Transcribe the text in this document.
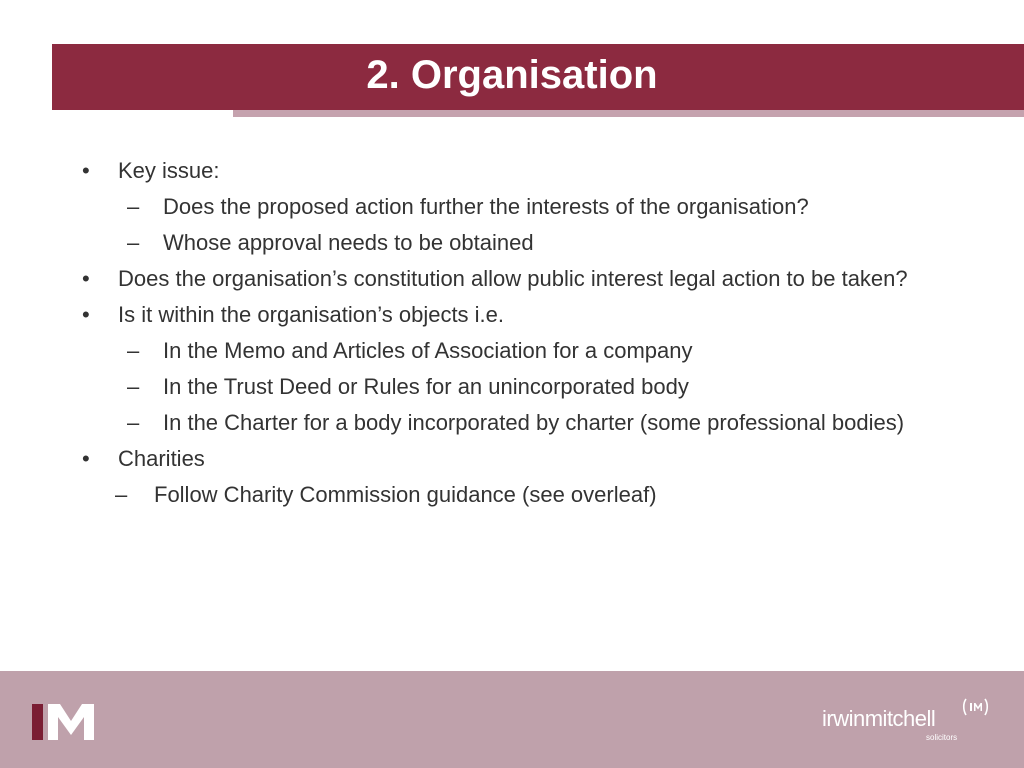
2. Organisation
• Key issue:
– Does the proposed action further the interests of the organisation?
– Whose approval needs to be obtained
• Does the organisation’s constitution allow public interest legal action to be taken?
• Is it within the organisation’s objects i.e.
– In the Memo and Articles of Association for a company
– In the Trust Deed or Rules for an unincorporated body
– In the Charter for a body incorporated by charter (some professional bodies)
• Charities
– Follow Charity Commission guidance (see overleaf)
irwinmitchell
solicitors
